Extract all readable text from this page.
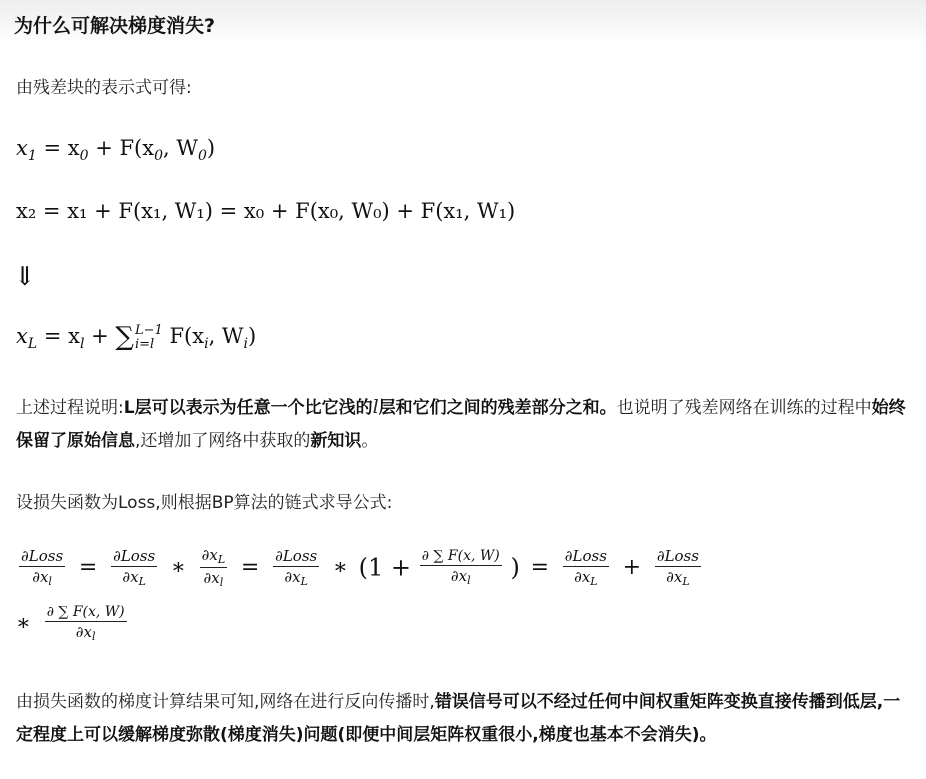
为什么可解决梯度消失?

由残差块的表示式可得:

$x_1 = x_0 + F(x_0$, $W_0$)
x₂ = x₁ + F(x₁, W₁) = x₀ + F(x₀, W₀) + F(x₁, W₁)
⇓
$x_L = x_l$ + ∑ L−1
i=l $F(x_i$, $W_i$)

上述过程说明:L层可以表示为任意一个比它浅的l层和它们之间的残差部分之和。也说明了残差网络在训练的过程中始终保留了原始信息,还增加了网络中获取的新知识。

设损失函数为Loss,则根据BP算法的链式求导公式:

$\frac{\text{∂Loss}}{\partial x_l} = \frac{\text{∂Loss}}{\partial x_L}$ ∗ $\frac{\partial x_L}{\partial x_l} = \frac{\text{∂Loss}}{\partial x_L}$ ∗ ($1 + \frac{\partial \sum F(x, W)}{\partial x_l}$ ) = $\frac{\text{∂Loss}}{\partial x_L} + \frac{\text{∂Loss}}{\partial x_L}$
∗ $\frac{\partial \sum F(x, W)}{\partial x_l}$

由损失函数的梯度计算结果可知,网络在进行反向传播时,错误信号可以不经过任何中间权重矩阵变换直接传播到低层,一定程度上可以缓解梯度弥散(梯度消失)问题(即便中间层矩阵权重很小,梯度也基本不会消失)。
